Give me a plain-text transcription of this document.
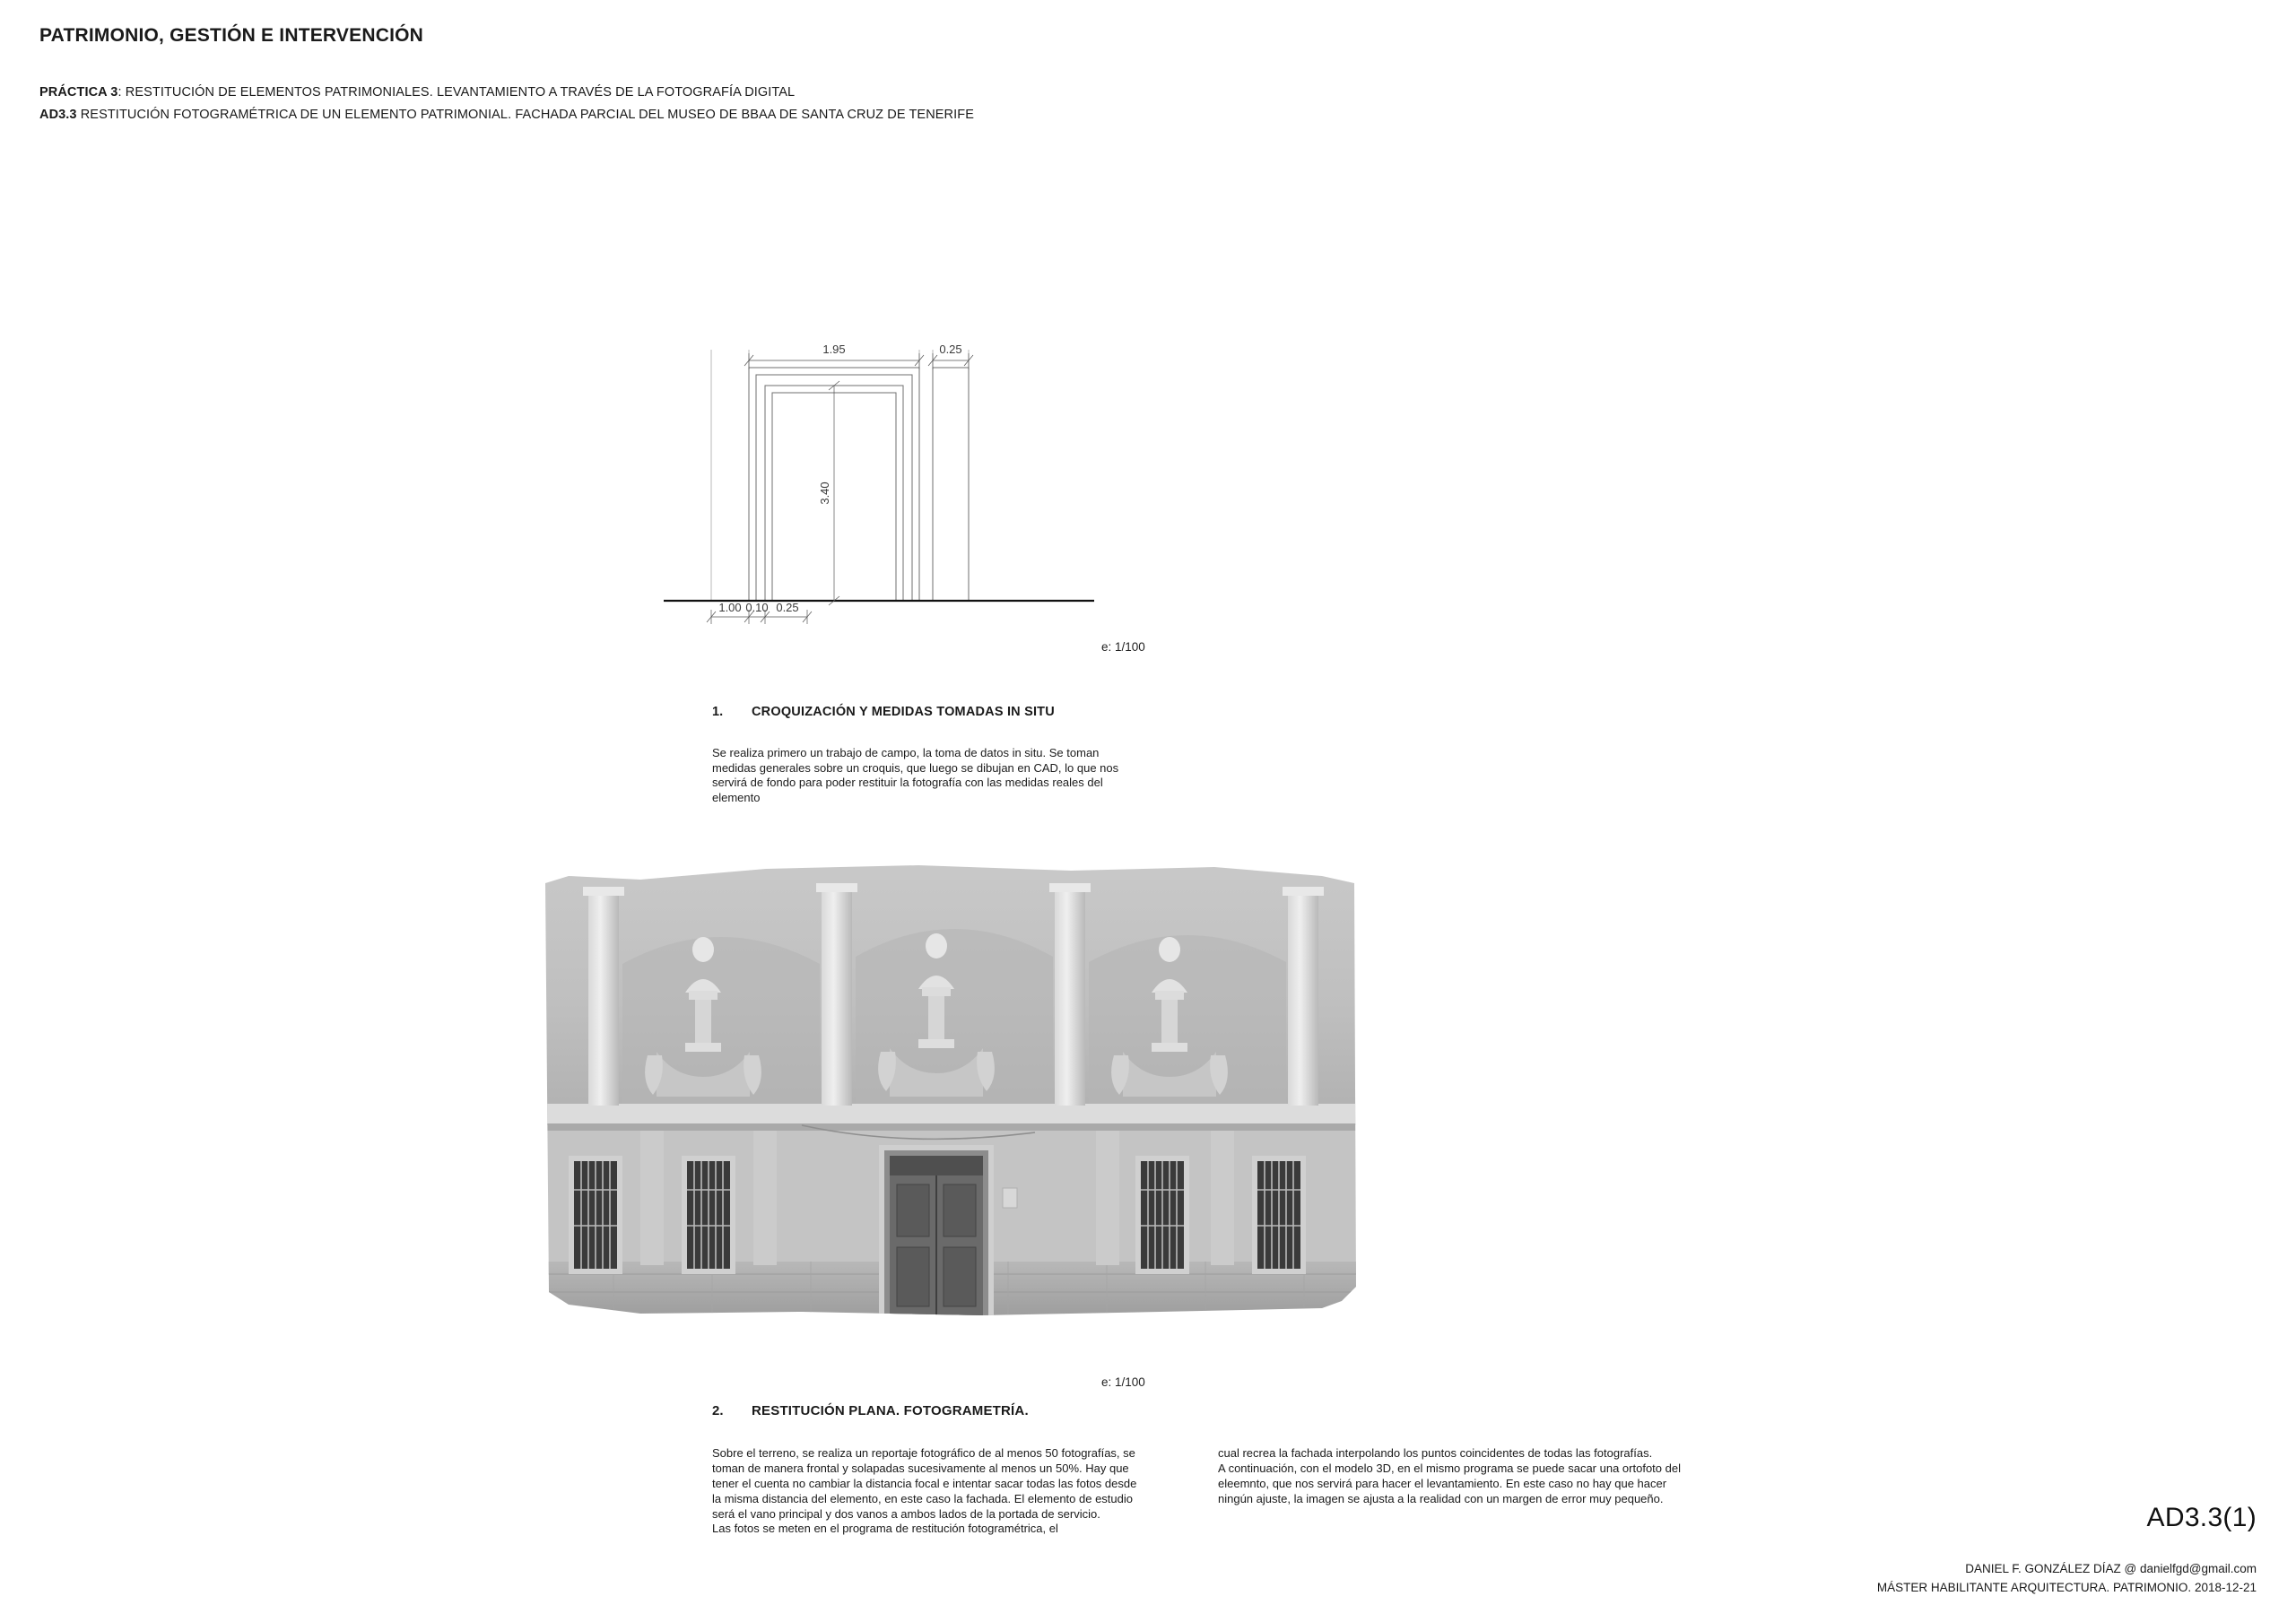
PATRIMONIO, GESTIÓN E INTERVENCIÓN
PRÁCTICA 3: RESTITUCIÓN DE ELEMENTOS PATRIMONIALES. LEVANTAMIENTO A TRAVÉS DE LA FOTOGRAFÍA DIGITAL
AD3.3 RESTITUCIÓN FOTOGRAMÉTRICA DE UN ELEMENTO PATRIMONIAL. FACHADA PARCIAL DEL MUSEO DE BBAA DE SANTA CRUZ DE TENERIFE
1.95	0.25
3.40
1.00 0.10 0.25
e: 1/100
1. CROQUIZACIÓN Y MEDIDAS TOMADAS IN SITU
Se realiza primero un trabajo de campo, la toma de datos in situ. Se toman medidas generales sobre un croquis, que luego se dibujan en CAD, lo que nos servirá de fondo para poder restituir la fotografía con las medidas reales del elemento
e: 1/100
2. RESTITUCIÓN PLANA. FOTOGRAMETRÍA.

Sobre el terreno, se realiza un reportaje fotográfico de al menos 50 fotografías, se toman de manera frontal y solapadas sucesivamente al menos un 50%. Hay que tener el cuenta no cambiar la distancia focal e intentar sacar todas las fotos desde la misma distancia del elemento, en este caso la fachada. El elemento de estudio será el vano principal y dos vanos a ambos lados de la portada de servicio.

Las fotos se meten en el programa de restitución fotogramétrica, el

cual recrea la fachada interpolando los puntos coincidentes de todas las fotografías.

A continuación, con el modelo 3D, en el mismo programa se puede sacar una ortofoto del eleemnto, que nos servirá para hacer el levantamiento. En este caso no hay que hacer ningún ajuste, la imagen se ajusta a la realidad con un margen de error muy pequeño.

AD3.3(1)
DANIEL F. GONZÁLEZ DÍAZ @ danielfgd@gmail.com
MÁSTER HABILITANTE ARQUITECTURA. PATRIMONIO. 2018-12-21
